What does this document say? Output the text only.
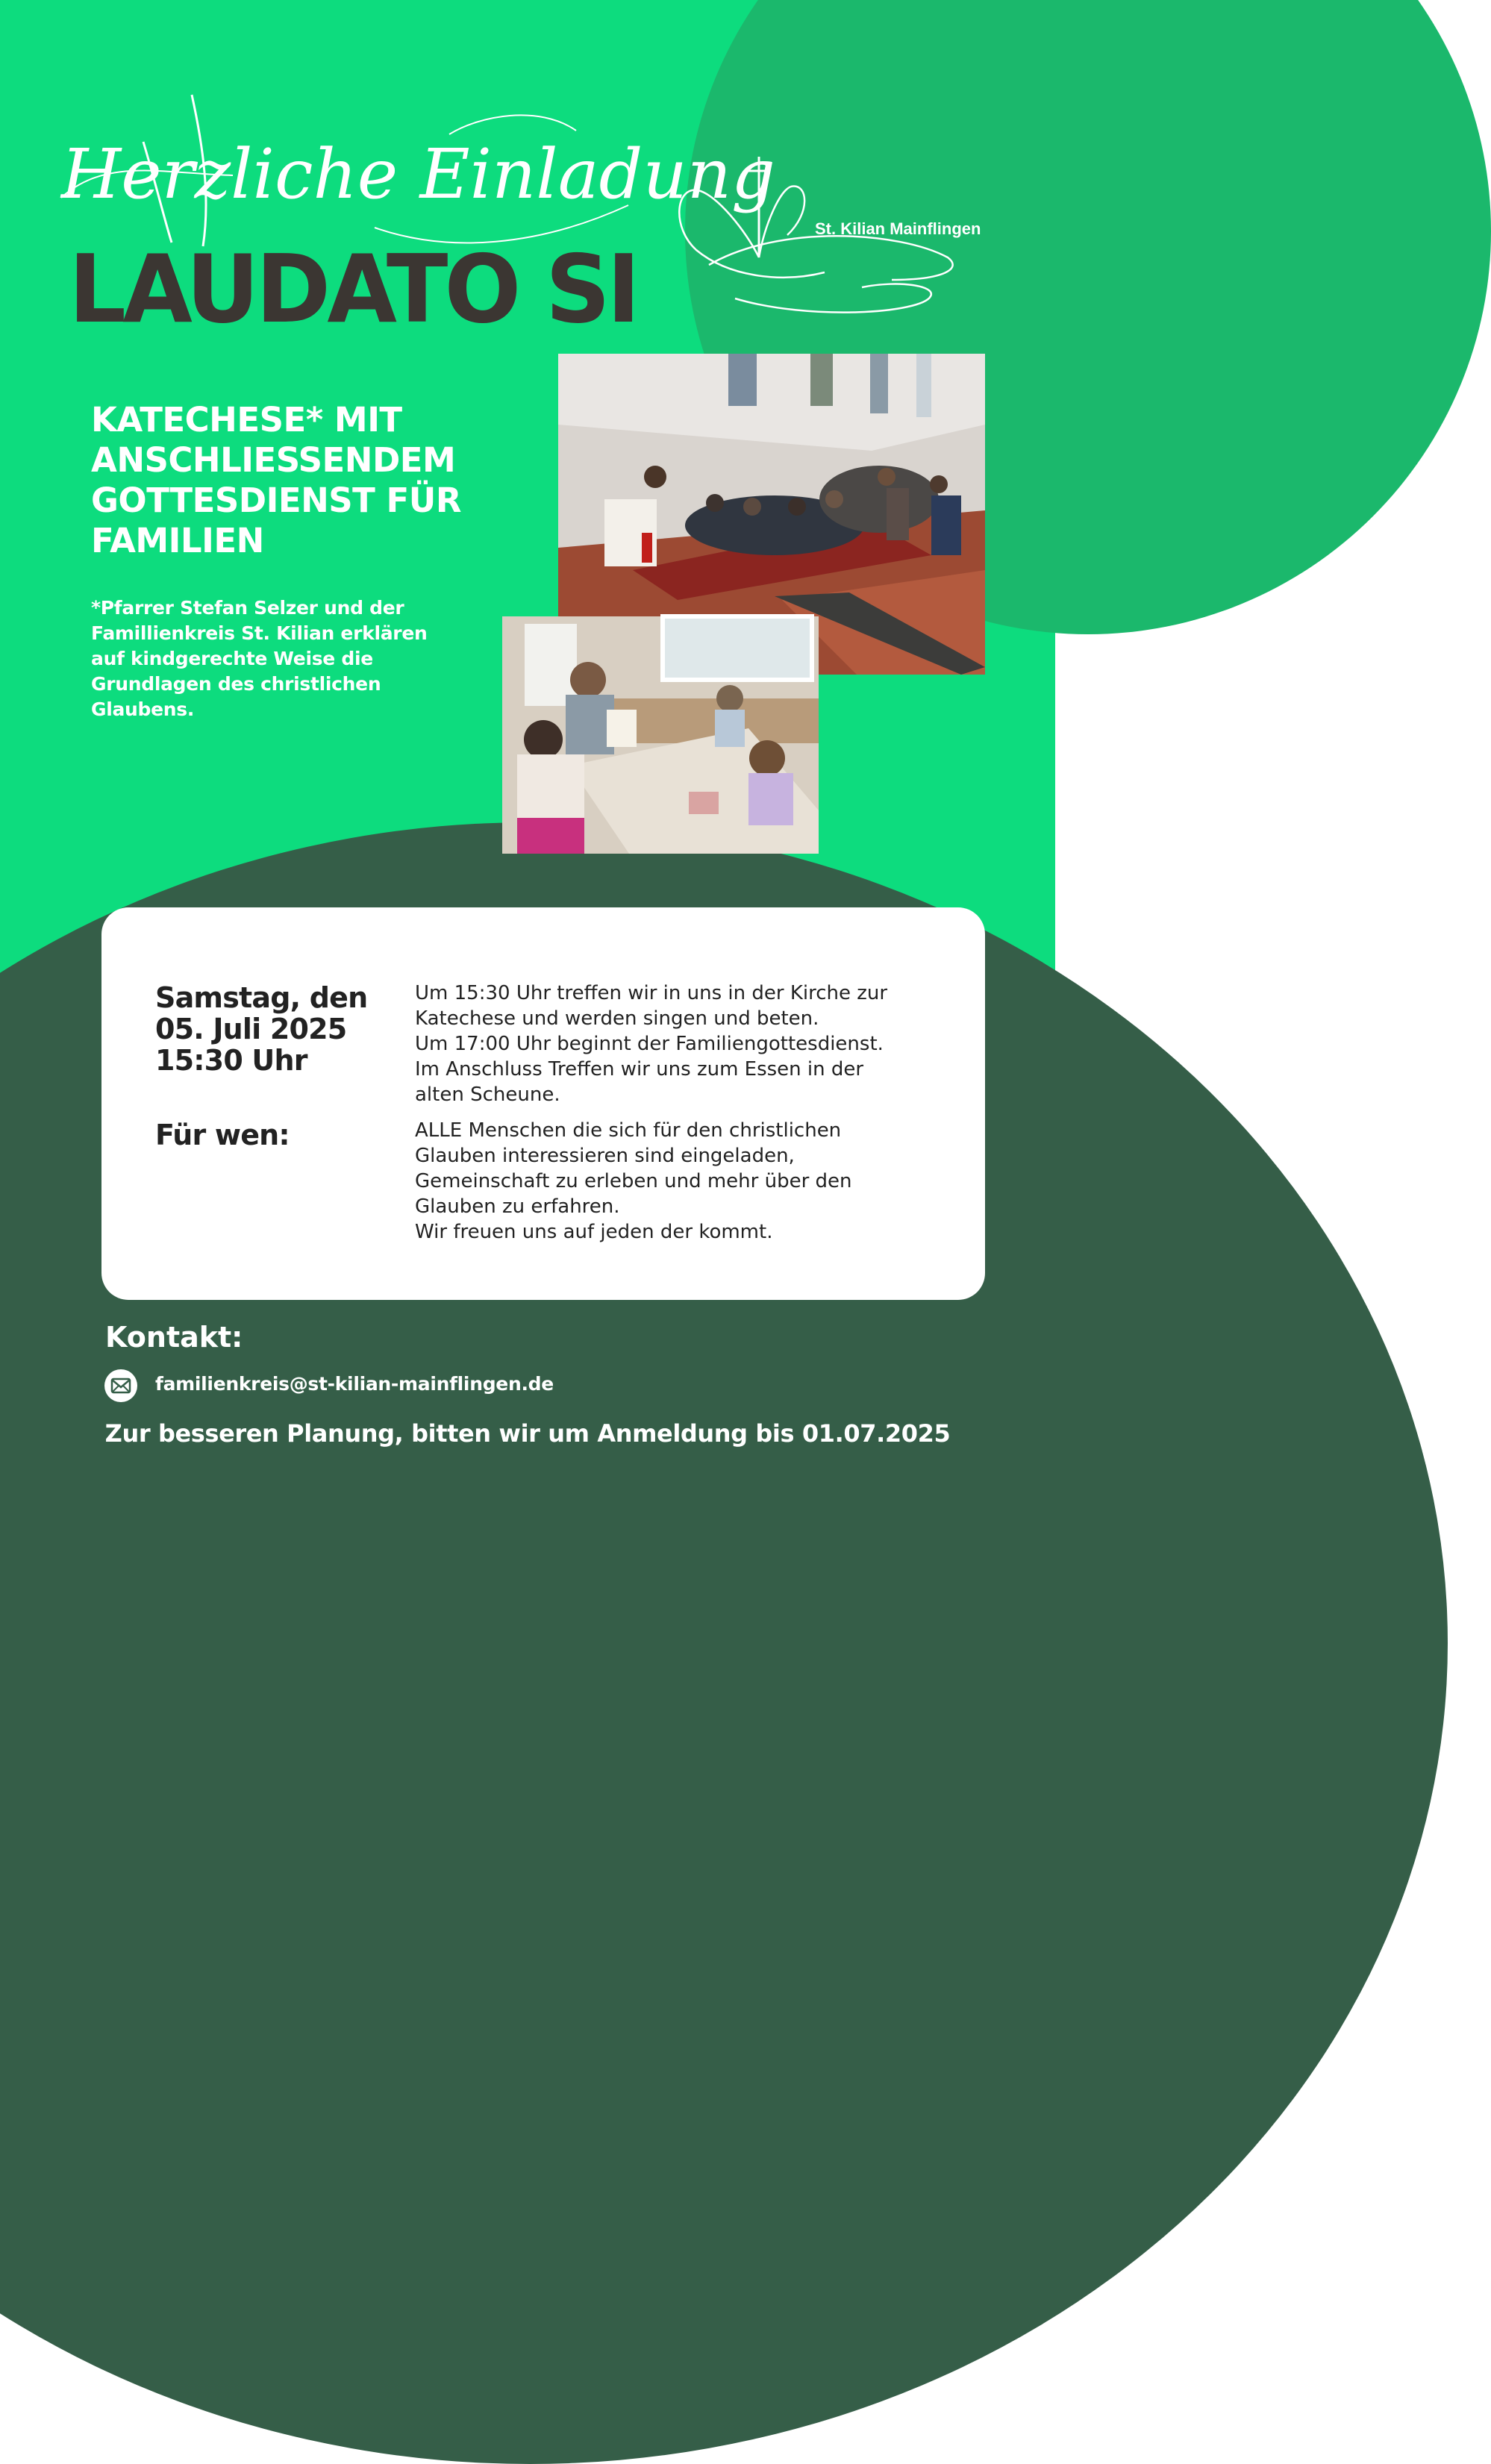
Herzliche Einladung
LAUDATO SI
St. Kilian Mainflingen
KATECHESE* MIT
ANSCHLIESSENDEM
GOTTESDIENST FÜR
FAMILIEN

*Pfarrer Stefan Selzer und der
Famillienkreis St. Kilian erklären
auf kindgerechte Weise die
Grundlagen des christlichen
Glaubens.

Samstag, den
05. Juli 2025
15:30 Uhr

Um 15:30 Uhr treffen wir in uns in der Kirche zur
Katechese und werden singen und beten.
Um 17:00 Uhr beginnt der Familiengottesdienst.
Im Anschluss Treffen wir uns zum Essen in der
alten Scheune.

Für wen:	ALLE Menschen die sich für den christlichen
Glauben interessieren sind eingeladen,
Gemeinschaft zu erleben und mehr über den
Glauben zu erfahren.
Wir freuen uns auf jeden der kommt.

Kontakt:
familienkreis@st-kilian-mainflingen.de

Zur besseren Planung, bitten wir um Anmeldung bis 01.07.2025
